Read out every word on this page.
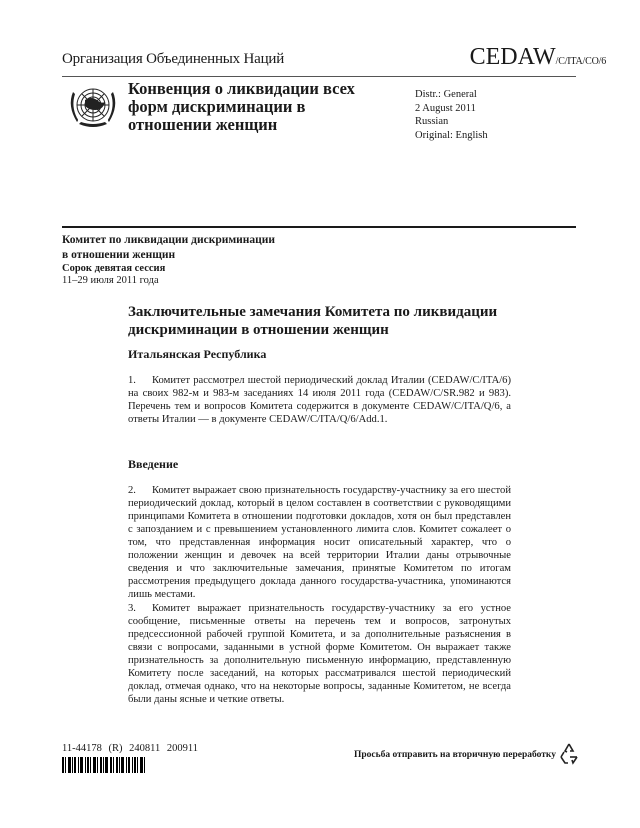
Организация Объединенных Наций	CEDAW/C/ITA/CO/6
Конвенция о ликвидации всех форм дискриминации в отношении женщин
Distr.: General
2 August 2011
Russian
Original: English
Комитет по ликвидации дискриминации
в отношении женщин
Сорок девятая сессия
11–29 июля 2011 года
Заключительные замечания Комитета по ликвидации дискриминации в отношении женщин
Итальянская Республика
1. Комитет рассмотрел шестой периодический доклад Италии (CEDAW/C/ITA/6) на своих 982-м и 983-м заседаниях 14 июля 2011 года (CEDAW/C/SR.982 и 983). Перечень тем и вопросов Комитета содержится в документе CEDAW/C/ITA/Q/6, а ответы Италии — в документе CEDAW/C/ITA/Q/6/Add.1.
Введение
2. Комитет выражает свою признательность государству-участнику за его шестой периодический доклад, который в целом составлен в соответствии с руководящими принципами Комитета в отношении подготовки докладов, хотя он был представлен с запозданием и с превышением установленного лимита слов. Комитет сожалеет о том, что представленная информация носит описательный характер, что о положении женщин и девочек на всей территории Италии даны отрывочные сведения и что заключительные замечания, принятые Комитетом по итогам рассмотрения предыдущего доклада данного государства-участника, упоминаются лишь местами.
3. Комитет выражает признательность государству-участнику за его устное сообщение, письменные ответы на перечень тем и вопросов, затронутых предсессионной рабочей группой Комитета, и за дополнительные разъяснения в связи с вопросами, заданными в устной форме Комитетом. Он выражает также признательность за дополнительную письменную информацию, представленную Комитету после заседаний, на которых рассматривался шестой периодический доклад, отмечая однако, что на некоторые вопросы, заданные Комитетом, не всегда были даны ясные и четкие ответы.
11-44178 (R) 240811 200911
Просьба отправить на вторичную переработку
